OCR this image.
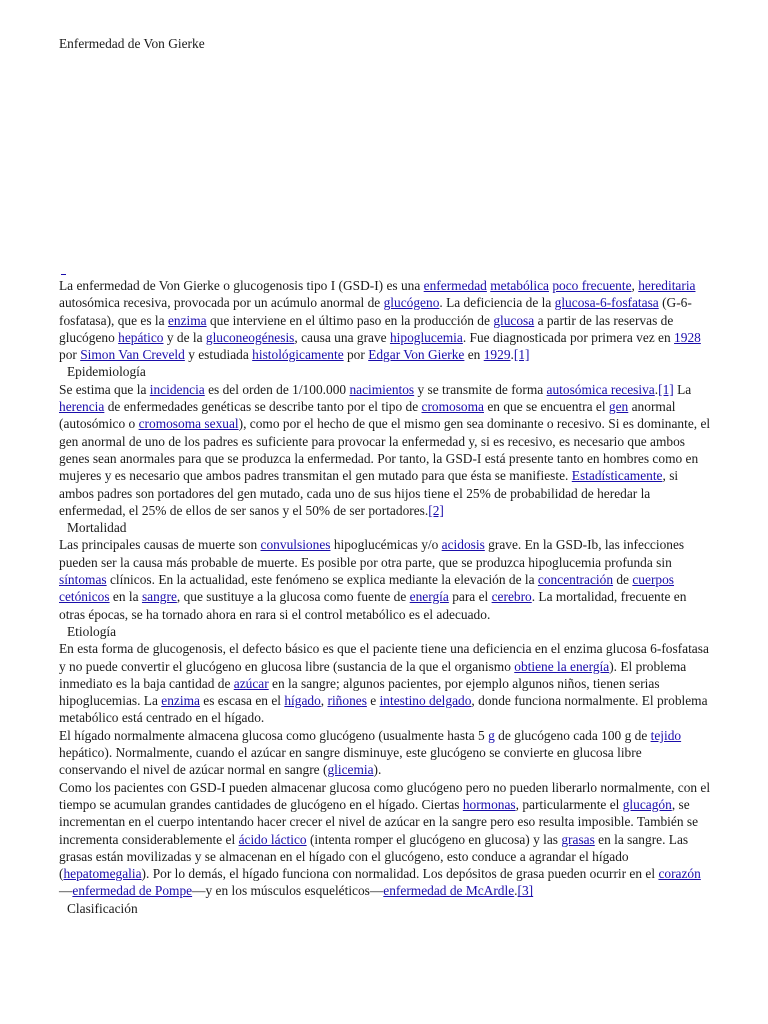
Enfermedad de Von Gierke

La enfermedad de Von Gierke o glucogenosis tipo I (GSD-I) es una enfermedad metabólica poco frecuente, hereditaria autosómica recesiva, provocada por un acúmulo anormal de glucógeno. La deficiencia de la glucosa-6-fosfatasa (G-6-fosfatasa), que es la enzima que interviene en el último paso en la producción de glucosa a partir de las reservas de glucógeno hepático y de la gluconeogénesis, causa una grave hipoglucemia. Fue diagnosticada por primera vez en 1928 por Simon Van Creveld y estudiada histológicamente por Edgar Von Gierke en 1929.[1]

Epidemiología

Se estima que la incidencia es del orden de 1/100.000 nacimientos y se transmite de forma autosómica recesiva.[1] La herencia de enfermedades genéticas se describe tanto por el tipo de cromosoma en que se encuentra el gen anormal (autosómico o cromosoma sexual), como por el hecho de que el mismo gen sea dominante o recesivo. Si es dominante, el gen anormal de uno de los padres es suficiente para provocar la enfermedad y, si es recesivo, es necesario que ambos genes sean anormales para que se produzca la enfermedad. Por tanto, la GSD-I está presente tanto en hombres como en mujeres y es necesario que ambos padres transmitan el gen mutado para que ésta se manifieste. Estadísticamente, si ambos padres son portadores del gen mutado, cada uno de sus hijos tiene el 25% de probabilidad de heredar la enfermedad, el 25% de ellos de ser sanos y el 50% de ser portadores.[2]

Mortalidad

Las principales causas de muerte son convulsiones hipoglucémicas y/o acidosis grave. En la GSD-Ib, las infecciones pueden ser la causa más probable de muerte. Es posible por otra parte, que se produzca hipoglucemia profunda sin síntomas clínicos. En la actualidad, este fenómeno se explica mediante la elevación de la concentración de cuerpos cetónicos en la sangre, que sustituye a la glucosa como fuente de energía para el cerebro. La mortalidad, frecuente en otras épocas, se ha tornado ahora en rara si el control metabólico es el adecuado.

Etiología

En esta forma de glucogenosis, el defecto básico es que el paciente tiene una deficiencia en el enzima glucosa 6-fosfatasa y no puede convertir el glucógeno en glucosa libre (sustancia de la que el organismo obtiene la energía). El problema inmediato es la baja cantidad de azúcar en la sangre; algunos pacientes, por ejemplo algunos niños, tienen serias hipoglucemias. La enzima es escasa en el hígado, riñones e intestino delgado, donde funciona normalmente. El problema metabólico está centrado en el hígado.

El hígado normalmente almacena glucosa como glucógeno (usualmente hasta 5 g de glucógeno cada 100 g de tejido hepático). Normalmente, cuando el azúcar en sangre disminuye, este glucógeno se convierte en glucosa libre conservando el nivel de azúcar normal en sangre (glicemia).

Como los pacientes con GSD-I pueden almacenar glucosa como glucógeno pero no pueden liberarlo normalmente, con el tiempo se acumulan grandes cantidades de glucógeno en el hígado. Ciertas hormonas, particularmente el glucagón, se incrementan en el cuerpo intentando hacer crecer el nivel de azúcar en la sangre pero eso resulta imposible. También se incrementa considerablemente el ácido láctico (intenta romper el glucógeno en glucosa) y las grasas en la sangre. Las grasas están movilizadas y se almacenan en el hígado con el glucógeno, esto conduce a agrandar el hígado (hepatomegalia). Por lo demás, el hígado funciona con normalidad. Los depósitos de grasa pueden ocurrir en el corazón—enfermedad de Pompe—y en los músculos esqueléticos—enfermedad de McArdle.[3]

Clasificación
